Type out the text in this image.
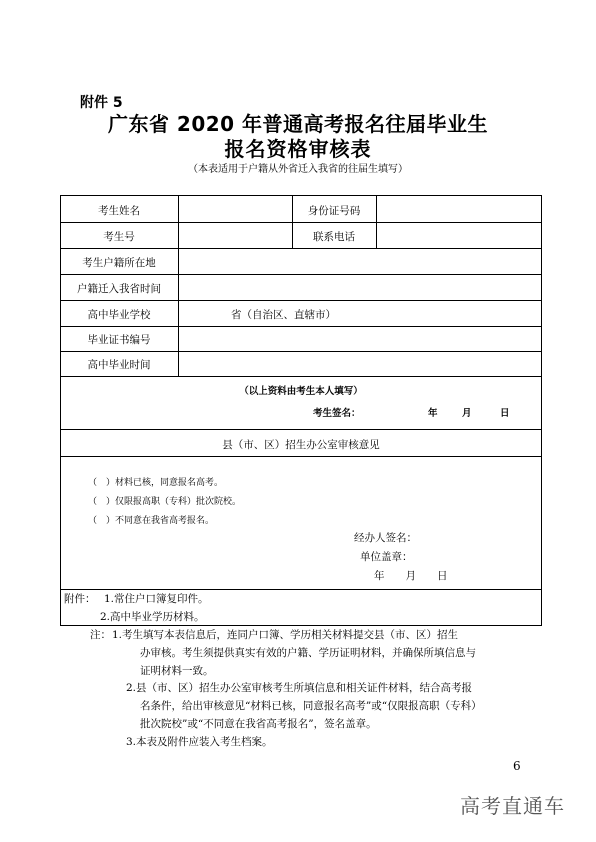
附件 5
广东省 2020 年普通高考报名往届毕业生
报名资格审核表
（本表适用于户籍从外省迁入我省的往届生填写）
考生姓名	身份证号码
考生号	联系电话
考生户籍所在地
户籍迁入我省时间
高中毕业学校	省（自治区、直辖市）
毕业证书编号
高中毕业时间
（以上资料由考生本人填写）
考生签名：	年	月	日
县（市、区）招生办公室审核意见
（　）材料已核，同意报名高考。
（　）仅限报高职（专科）批次院校。
（　）不同意在我省高考报名。
经办人签名：
单位盖章：
年　　月　　日
附件： 1.常住户口簿复印件。
2.高中毕业学历材料。
注： 1.考生填写本表信息后，连同户口簿、学历相关材料提交县（市、区）招生
办审核。考生须提供真实有效的户籍、学历证明材料，并确保所填信息与
证明材料一致。
2.县（市、区）招生办公室审核考生所填信息和相关证件材料，结合高考报
名条件，给出审核意见“材料已核，同意报名高考”或“仅限报高职（专科）
批次院校”或“不同意在我省高考报名”，签名盖章。
3.本表及附件应装入考生档案。
6
高考直通车
